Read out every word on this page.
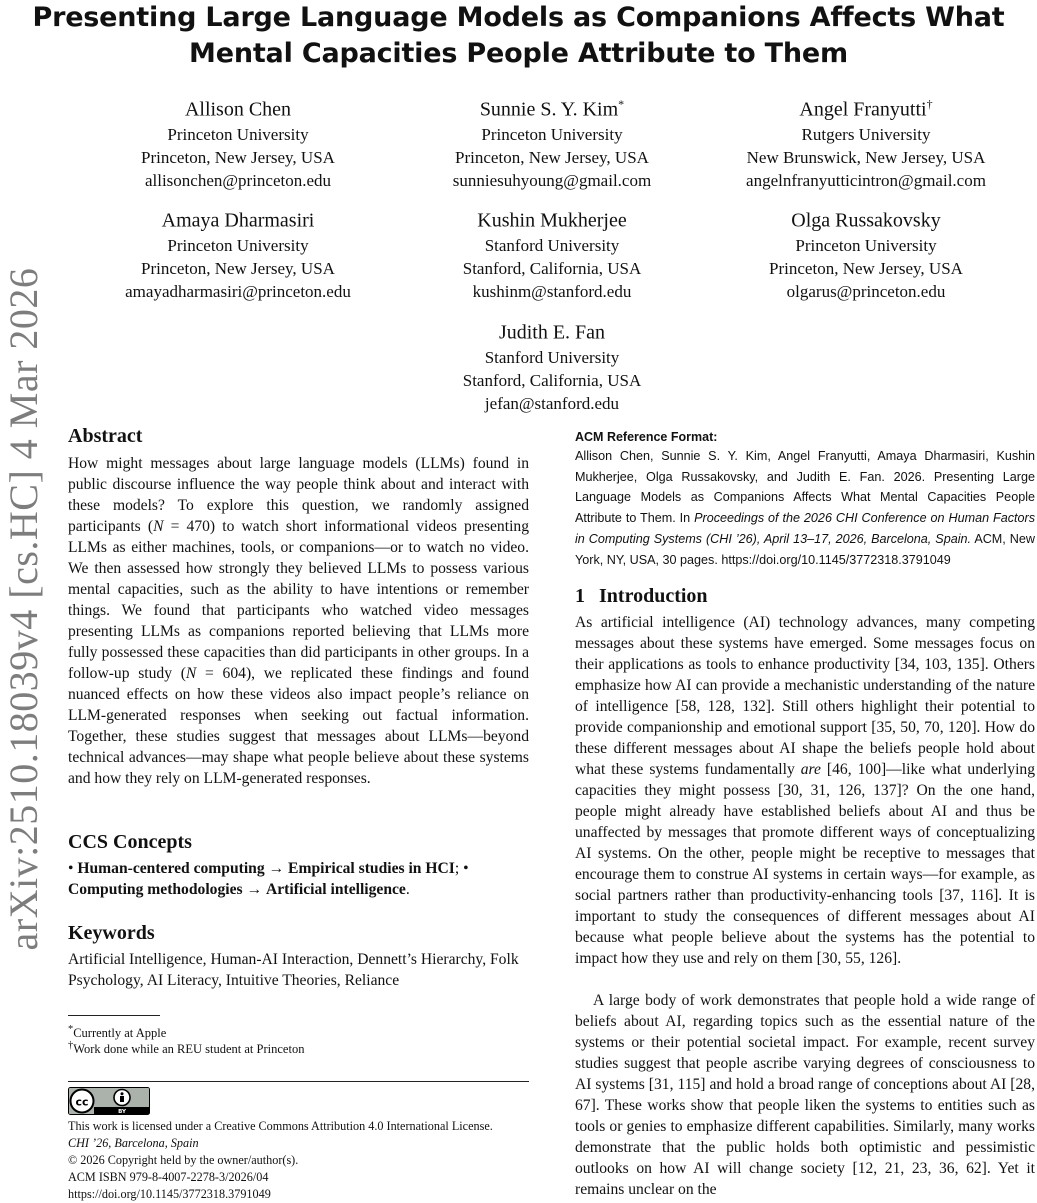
Presenting Large Language Models as Companions Affects What
Mental Capacities People Attribute to Them
arXiv:2510.18039v4 [cs.HC] 4 Mar 2026
Allison Chen
Princeton University
Princeton, New Jersey, USA
allisonchen@princeton.edu
Sunnie S. Y. Kim*
Princeton University
Princeton, New Jersey, USA
sunniesuhyoung@gmail.com
Angel Franyutti†
Rutgers University
New Brunswick, New Jersey, USA
angelnfranyutticintron@gmail.com
Amaya Dharmasiri
Princeton University
Princeton, New Jersey, USA
amayadharmasiri@princeton.edu
Kushin Mukherjee
Stanford University
Stanford, California, USA
kushinm@stanford.edu
Olga Russakovsky
Princeton University
Princeton, New Jersey, USA
olgarus@princeton.edu
Judith E. Fan
Stanford University
Stanford, California, USA
jefan@stanford.edu
Abstract
How might messages about large language models (LLMs) found in public discourse influence the way people think about and interact with these models? To explore this question, we randomly assigned participants (N = 470) to watch short informational videos presenting LLMs as either machines, tools, or companions—or to watch no video. We then assessed how strongly they believed LLMs to possess various mental capacities, such as the ability to have intentions or remember things. We found that participants who watched video messages presenting LLMs as companions reported believing that LLMs more fully possessed these capacities than did participants in other groups. In a follow-up study (N = 604), we replicated these findings and found nuanced effects on how these videos also impact people’s reliance on LLM-generated responses when seeking out factual information. Together, these studies suggest that messages about LLMs—beyond technical advances—may shape what people believe about these systems and how they rely on LLM-generated responses.
CCS Concepts
• Human-centered computing → Empirical studies in HCI; • Computing methodologies → Artificial intelligence.
Keywords
Artificial Intelligence, Human-AI Interaction, Dennett’s Hierarchy, Folk Psychology, AI Literacy, Intuitive Theories, Reliance
*Currently at Apple
†Work done while an REU student at Princeton
cc
BY
This work is licensed under a Creative Commons Attribution 4.0 International License.
CHI ’26, Barcelona, Spain
© 2026 Copyright held by the owner/author(s).
ACM ISBN 979-8-4007-2278-3/2026/04
https://doi.org/10.1145/3772318.3791049
ACM Reference Format:
Allison Chen, Sunnie S. Y. Kim, Angel Franyutti, Amaya Dharmasiri, Kushin Mukherjee, Olga Russakovsky, and Judith E. Fan. 2026. Presenting Large Language Models as Companions Affects What Mental Capacities People Attribute to Them. In Proceedings of the 2026 CHI Conference on Human Factors in Computing Systems (CHI ’26), April 13–17, 2026, Barcelona, Spain. ACM, New York, NY, USA, 30 pages. https://doi.org/10.1145/3772318.3791049
1 Introduction
As artificial intelligence (AI) technology advances, many competing messages about these systems have emerged. Some messages focus on their applications as tools to enhance productivity [34, 103, 135]. Others emphasize how AI can provide a mechanistic understanding of the nature of intelligence [58, 128, 132]. Still others highlight their potential to provide companionship and emotional support [35, 50, 70, 120]. How do these different messages about AI shape the beliefs people hold about what these systems fundamentally are [46, 100]—like what underlying capacities they might possess [30, 31, 126, 137]? On the one hand, people might already have established beliefs about AI and thus be unaffected by messages that promote different ways of conceptualizing AI systems. On the other, people might be receptive to messages that encourage them to construe AI systems in certain ways—for example, as social partners rather than productivity-enhancing tools [37, 116]. It is important to study the consequences of different messages about AI because what people believe about the systems has the potential to impact how they use and rely on them [30, 55, 126].
A large body of work demonstrates that people hold a wide range of beliefs about AI, regarding topics such as the essential nature of the systems or their potential societal impact. For example, recent survey studies suggest that people ascribe varying degrees of consciousness to AI systems [31, 115] and hold a broad range of conceptions about AI [28, 67]. These works show that people liken the systems to entities such as tools or genies to emphasize different capabilities. Similarly, many works demonstrate that the public holds both optimistic and pessimistic outlooks on how AI will change society [12, 21, 23, 36, 62]. Yet it remains unclear on the
